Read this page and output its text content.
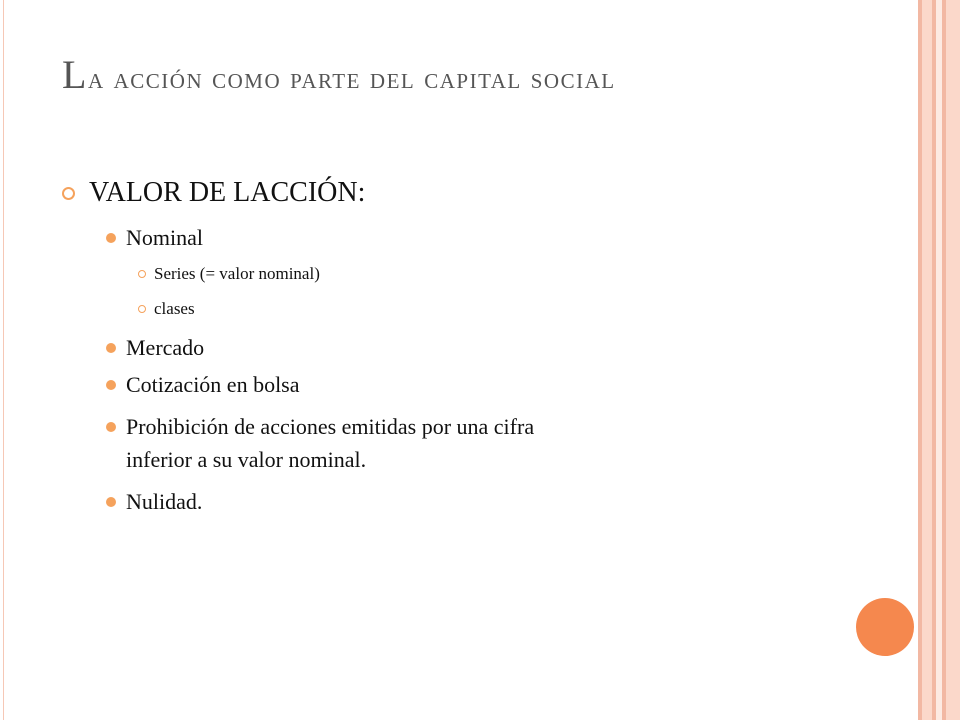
La acción como parte del capital social
VALOR DE LACCIÓN:
Nominal
Series (= valor nominal)
clases
Mercado
Cotización en bolsa
Prohibición de acciones emitidas por una cifra
inferior a su valor nominal.
Nulidad.
